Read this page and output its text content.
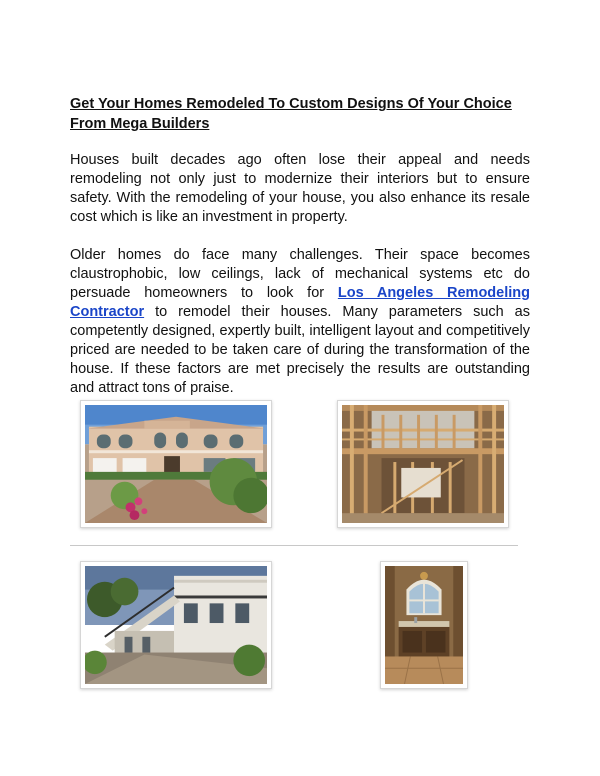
Get Your Homes Remodeled To Custom Designs Of Your Choice From Mega Builders

Houses built decades ago often lose their appeal and needs remodeling not only just to modernize their interiors but to ensure safety. With the remodeling of your house, you also enhance its resale cost which is like an investment in property.

Older homes do face many challenges. Their space becomes claustrophobic, low ceilings, lack of mechanical systems etc do persuade homeowners to look for Los Angeles Remodeling Contractor to remodel their houses. Many parameters such as competently designed, expertly built, intelligent layout and competitively priced are needed to be taken care of during the transformation of the house. If these factors are met precisely the results are outstanding and attract tons of praise.
